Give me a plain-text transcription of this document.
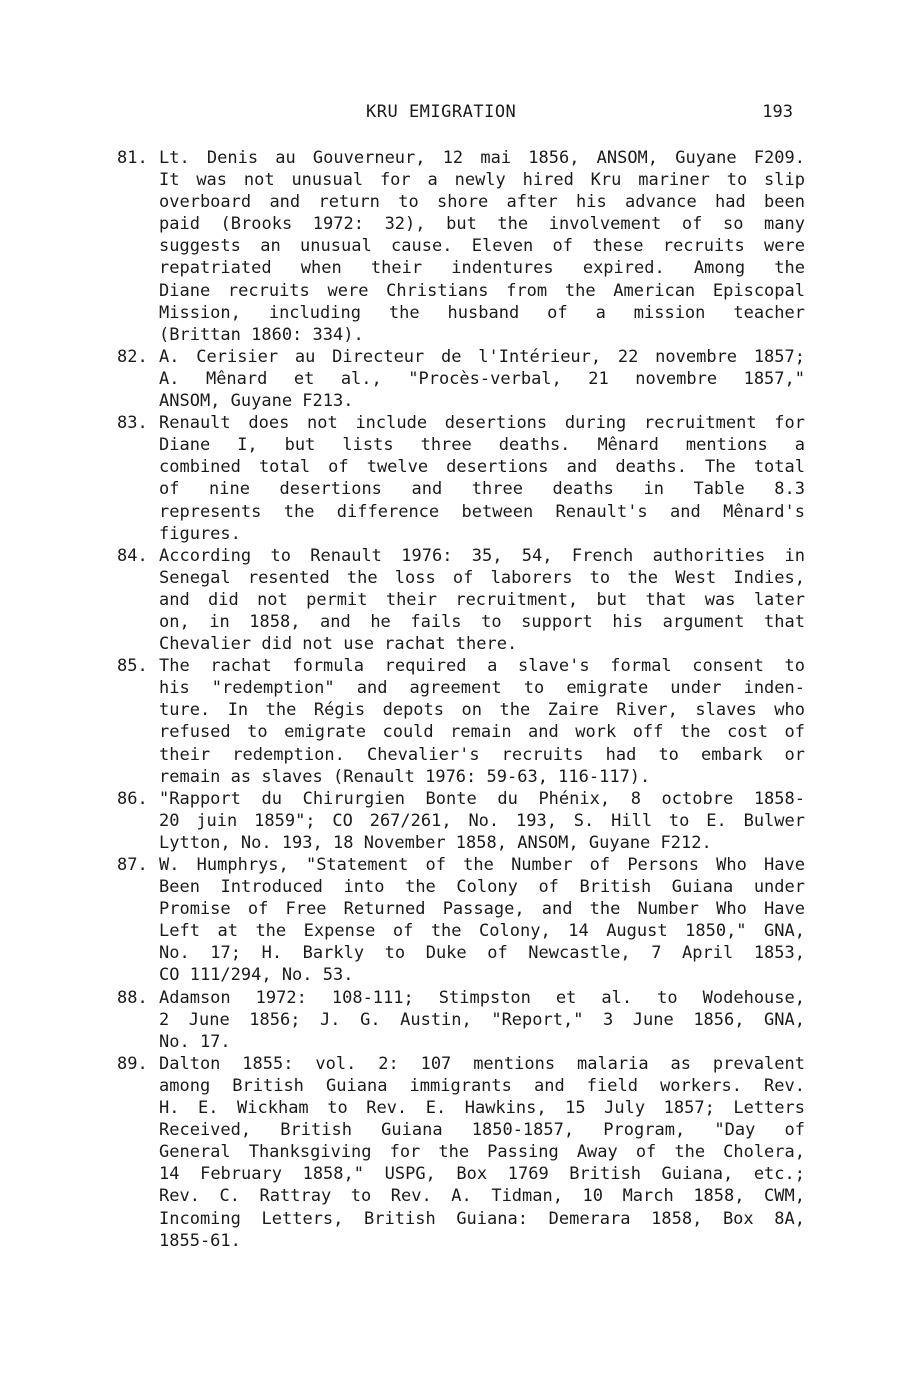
KRU EMIGRATION	193
81. Lt. Denis au Gouverneur, 12 mai 1856, ANSOM, Guyane F209.
It was not unusual for a newly hired Kru mariner to slip
overboard and return to shore after his advance had been
paid (Brooks 1972: 32), but the involvement of so many
suggests an unusual cause. Eleven of these recruits were
repatriated when their indentures expired. Among the
Diane recruits were Christians from the American Episcopal
Mission, including the husband of a mission teacher
(Brittan 1860: 334).
82. A. Cerisier au Directeur de l'Intérieur, 22 novembre 1857;
A. Mênard et al., "Procès-verbal, 21 novembre 1857,"
ANSOM, Guyane F213.
83. Renault does not include desertions during recruitment for
Diane I, but lists three deaths. Mênard mentions a
combined total of twelve desertions and deaths. The total
of nine desertions and three deaths in Table 8.3
represents the difference between Renault's and Mênard's
figures.
84. According to Renault 1976: 35, 54, French authorities in
Senegal resented the loss of laborers to the West Indies,
and did not permit their recruitment, but that was later
on, in 1858, and he fails to support his argument that
Chevalier did not use rachat there.
85. The rachat formula required a slave's formal consent to
his "redemption" and agreement to emigrate under inden-
ture. In the Régis depots on the Zaire River, slaves who
refused to emigrate could remain and work off the cost of
their redemption. Chevalier's recruits had to embark or
remain as slaves (Renault 1976: 59-63, 116-117).
86. "Rapport du Chirurgien Bonte du Phénix, 8 octobre 1858-
20 juin 1859"; CO 267/261, No. 193, S. Hill to E. Bulwer
Lytton, No. 193, 18 November 1858, ANSOM, Guyane F212.
87. W. Humphrys, "Statement of the Number of Persons Who Have
Been Introduced into the Colony of British Guiana under
Promise of Free Returned Passage, and the Number Who Have
Left at the Expense of the Colony, 14 August 1850," GNA,
No. 17; H. Barkly to Duke of Newcastle, 7 April 1853,
CO 111/294, No. 53.
88. Adamson 1972: 108-111; Stimpston et al. to Wodehouse,
2 June 1856; J. G. Austin, "Report," 3 June 1856, GNA,
No. 17.
89. Dalton 1855: vol. 2: 107 mentions malaria as prevalent
among British Guiana immigrants and field workers. Rev.
H. E. Wickham to Rev. E. Hawkins, 15 July 1857; Letters
Received, British Guiana 1850-1857, Program, "Day of
General Thanksgiving for the Passing Away of the Cholera,
14 February 1858," USPG, Box 1769 British Guiana, etc.;
Rev. C. Rattray to Rev. A. Tidman, 10 March 1858, CWM,
Incoming Letters, British Guiana: Demerara 1858, Box 8A,
1855-61.
